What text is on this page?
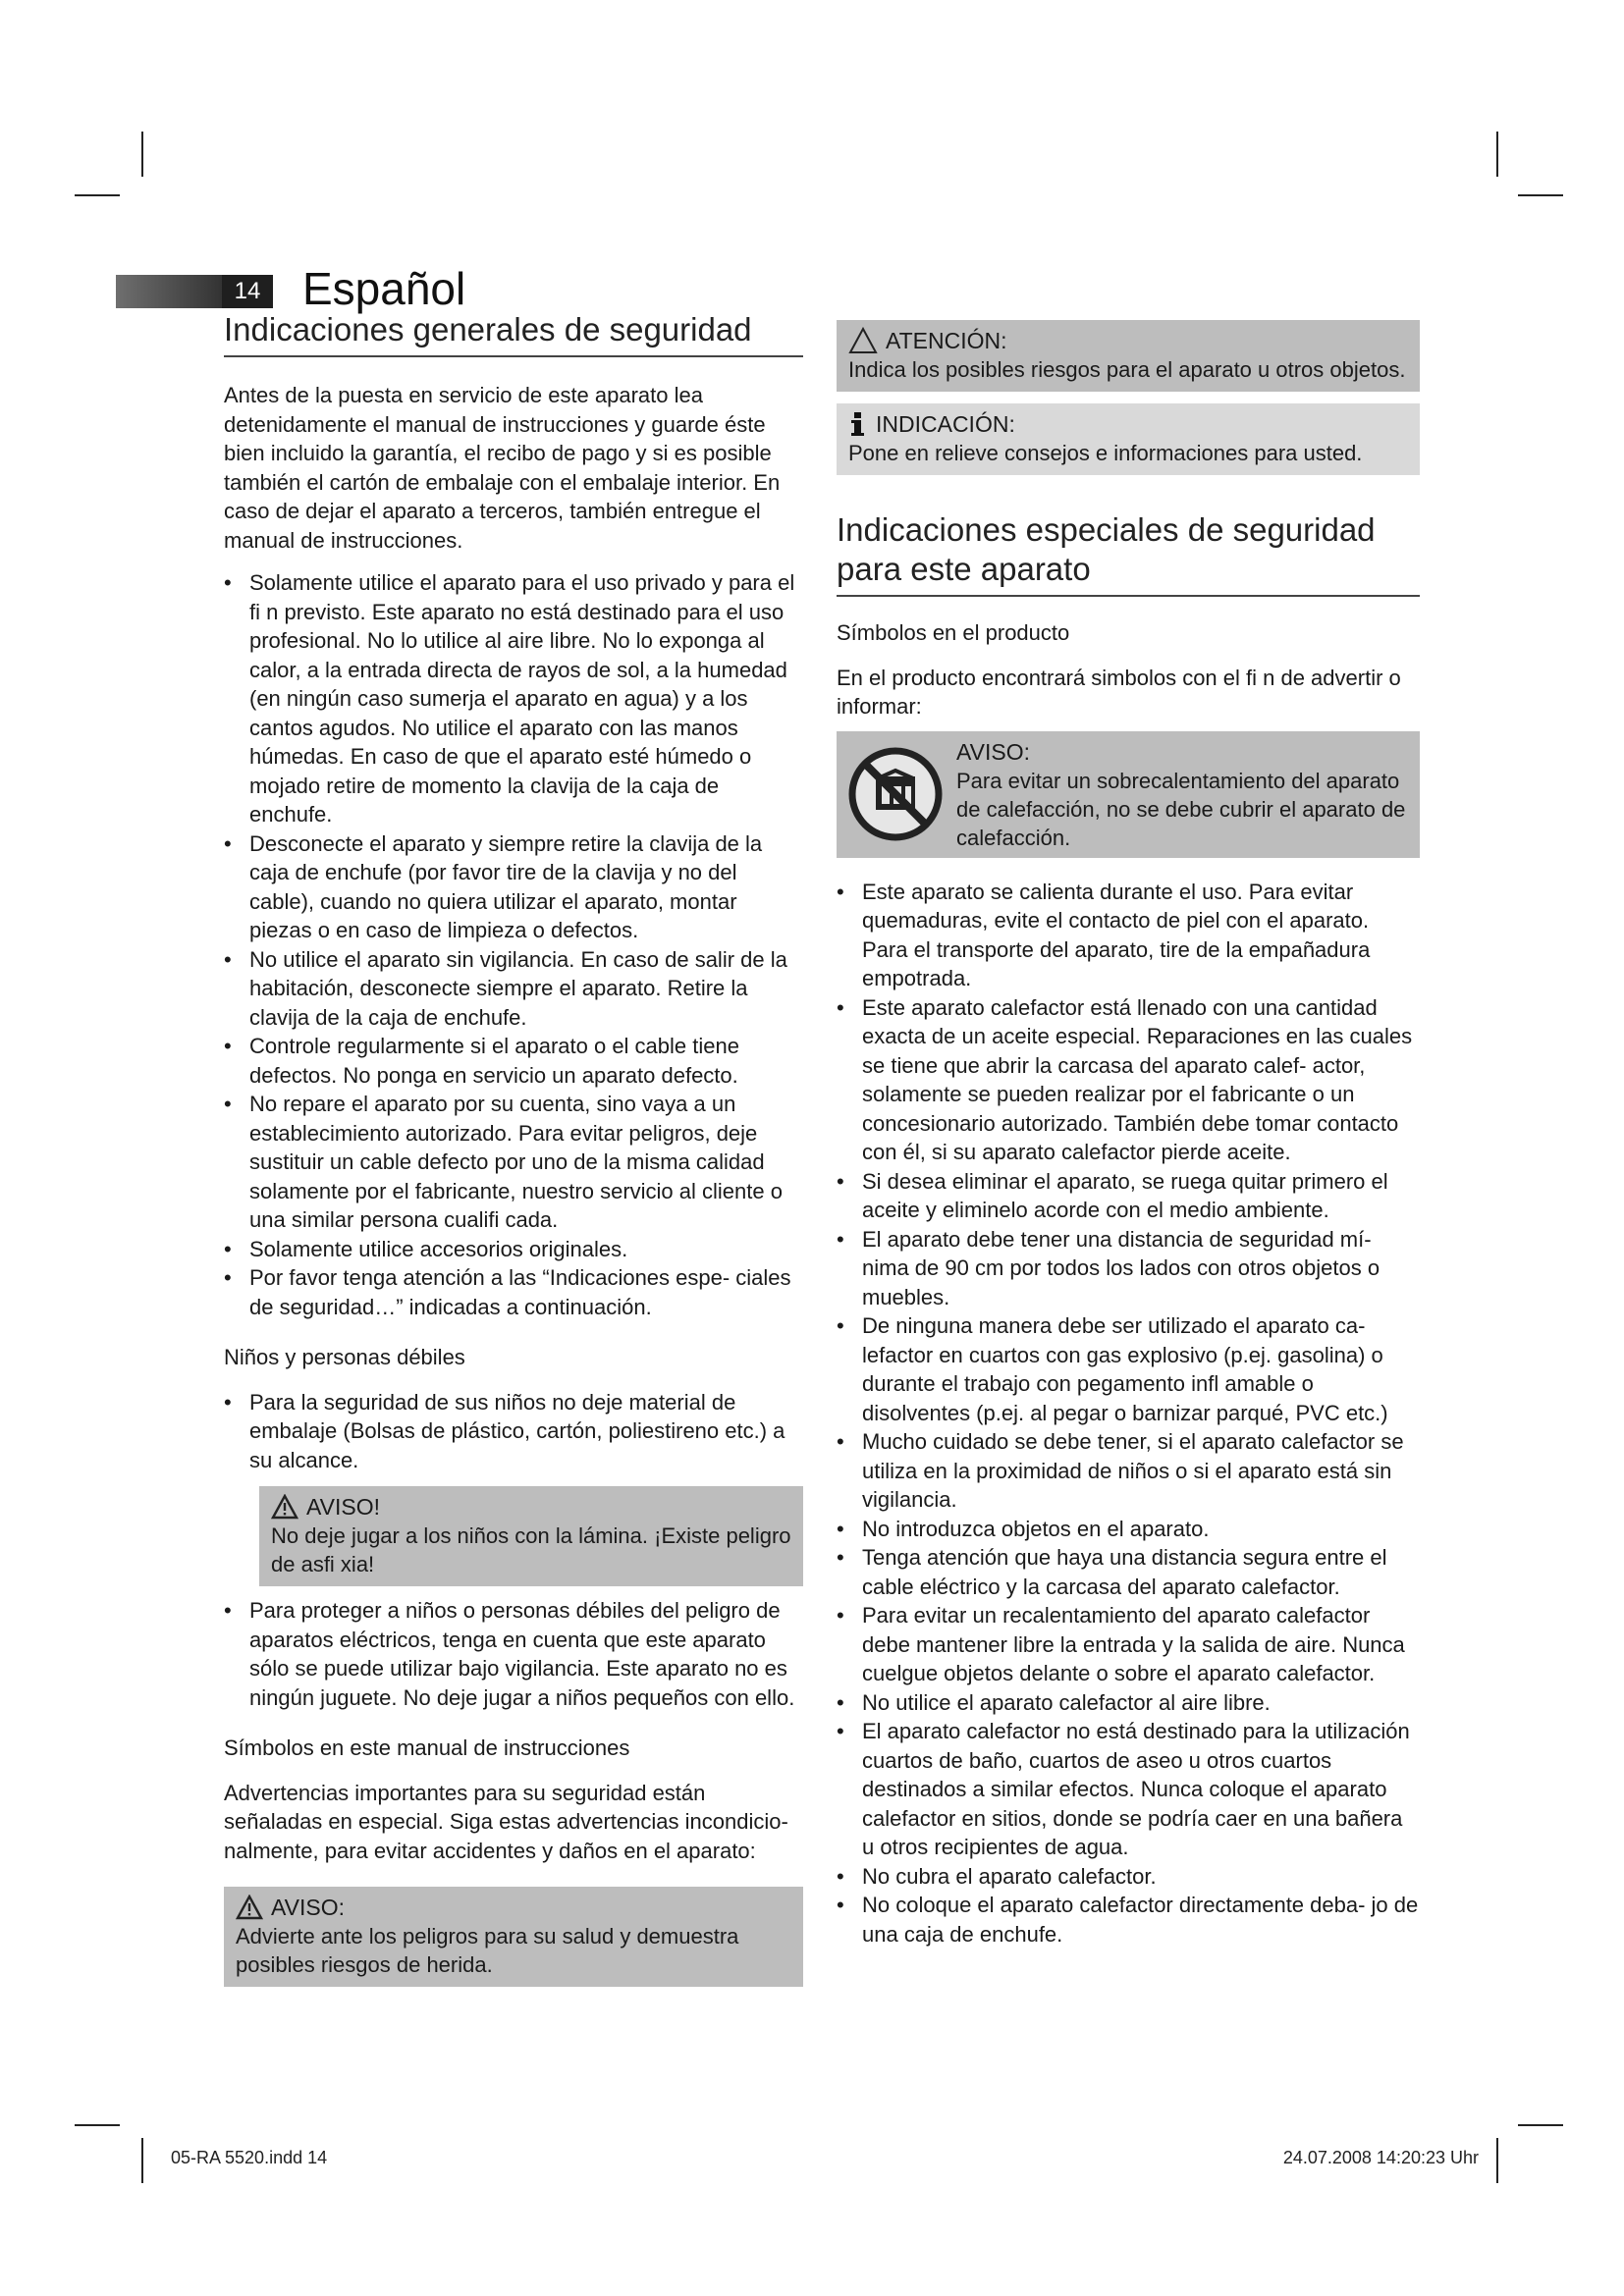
14 Español
Indicaciones generales de seguridad

Antes de la puesta en servicio de este aparato lea detenidamente el manual de instrucciones y guarde éste bien incluido la garantía, el recibo de pago y si es posible también el cartón de embalaje con el embalaje interior. En caso de dejar el aparato a terceros, también entregue el manual de instrucciones.

• Solamente utilice el aparato para el uso privado y para el fi n previsto. Este aparato no está destinado para el uso profesional. No lo utilice al aire libre. No lo exponga al calor, a la entrada directa de rayos de sol, a la humedad (en ningún caso sumerja el aparato en agua) y a los cantos agudos. No utilice el aparato con las manos húmedas. En caso de que el aparato esté húmedo o mojado retire de momento la clavija de la caja de enchufe.
• Desconecte el aparato y siempre retire la clavija de la caja de enchufe (por favor tire de la clavija y no del cable), cuando no quiera utilizar el aparato, montar piezas o en caso de limpieza o defectos.
• No utilice el aparato sin vigilancia. En caso de salir de la habitación, desconecte siempre el aparato. Retire la clavija de la caja de enchufe.
• Controle regularmente si el aparato o el cable tiene defectos. No ponga en servicio un aparato defecto.
• No repare el aparato por su cuenta, sino vaya a un establecimiento autorizado. Para evitar peligros, deje sustituir un cable defecto por uno de la misma calidad solamente por el fabricante, nuestro servicio al cliente o una similar persona cualifi cada.
• Solamente utilice accesorios originales.
• Por favor tenga atención a las “Indicaciones espe- ciales de seguridad…” indicadas a continuación.
Niños y personas débiles
• Para la seguridad de sus niños no deje material de embalaje (Bolsas de plástico, cartón, poliestireno etc.) a su alcance.
AVISO!
No deje jugar a los niños con la lámina. ¡Existe peligro de asfi xia!
• Para proteger a niños o personas débiles del peligro de aparatos eléctricos, tenga en cuenta que este aparato sólo se puede utilizar bajo vigilancia. Este aparato no es ningún juguete. No deje jugar a niños pequeños con ello.
Símbolos en este manual de instrucciones

Advertencias importantes para su seguridad están señaladas en especial. Siga estas advertencias incondicio- nalmente, para evitar accidentes y daños en el aparato:

AVISO:
Advierte ante los peligros para su salud y demuestra posibles riesgos de herida.
ATENCIÓN:
Indica los posibles riesgos para el aparato u otros objetos.
INDICACIÓN:
Pone en relieve consejos e informaciones para usted.
Indicaciones especiales de seguridad
para este aparato
Símbolos en el producto

En el producto encontrará simbolos con el fi n de advertir o informar:

AVISO:
Para evitar un sobrecalentamiento del aparato de calefacción, no se debe cubrir el aparato de calefacción.
• Este aparato se calienta durante el uso. Para evitar quemaduras, evite el contacto de piel con el aparato. Para el transporte del aparato, tire de la empañadura empotrada.
• Este aparato calefactor está llenado con una cantidad exacta de un aceite especial. Reparaciones en las cuales se tiene que abrir la carcasa del aparato calef- actor, solamente se pueden realizar por el fabricante o un concesionario autorizado. También debe tomar contacto con él, si su aparato calefactor pierde aceite.
• Si desea eliminar el aparato, se ruega quitar primero el aceite y eliminelo acorde con el medio ambiente.
• El aparato debe tener una distancia de seguridad mí- nima de 90 cm por todos los lados con otros objetos o muebles.
• De ninguna manera debe ser utilizado el aparato ca- lefactor en cuartos con gas explosivo (p.ej. gasolina) o durante el trabajo con pegamento infl amable o disolventes (p.ej. al pegar o barnizar parqué, PVC etc.)
• Mucho cuidado se debe tener, si el aparato calefactor se utiliza en la proximidad de niños o si el aparato está sin vigilancia.
• No introduzca objetos en el aparato.
• Tenga atención que haya una distancia segura entre el cable eléctrico y la carcasa del aparato calefactor.
• Para evitar un recalentamiento del aparato calefactor debe mantener libre la entrada y la salida de aire. Nunca cuelgue objetos delante o sobre el aparato calefactor.
• No utilice el aparato calefactor al aire libre.
• El aparato calefactor no está destinado para la utilización cuartos de baño, cuartos de aseo u otros cuartos destinados a similar efectos. Nunca coloque el aparato calefactor en sitios, donde se podría caer en una bañera u otros recipientes de agua.
• No cubra el aparato calefactor.
• No coloque el aparato calefactor directamente deba- jo de una caja de enchufe.
05-RA 5520.indd 14	24.07.2008 14:20:23 Uhr
